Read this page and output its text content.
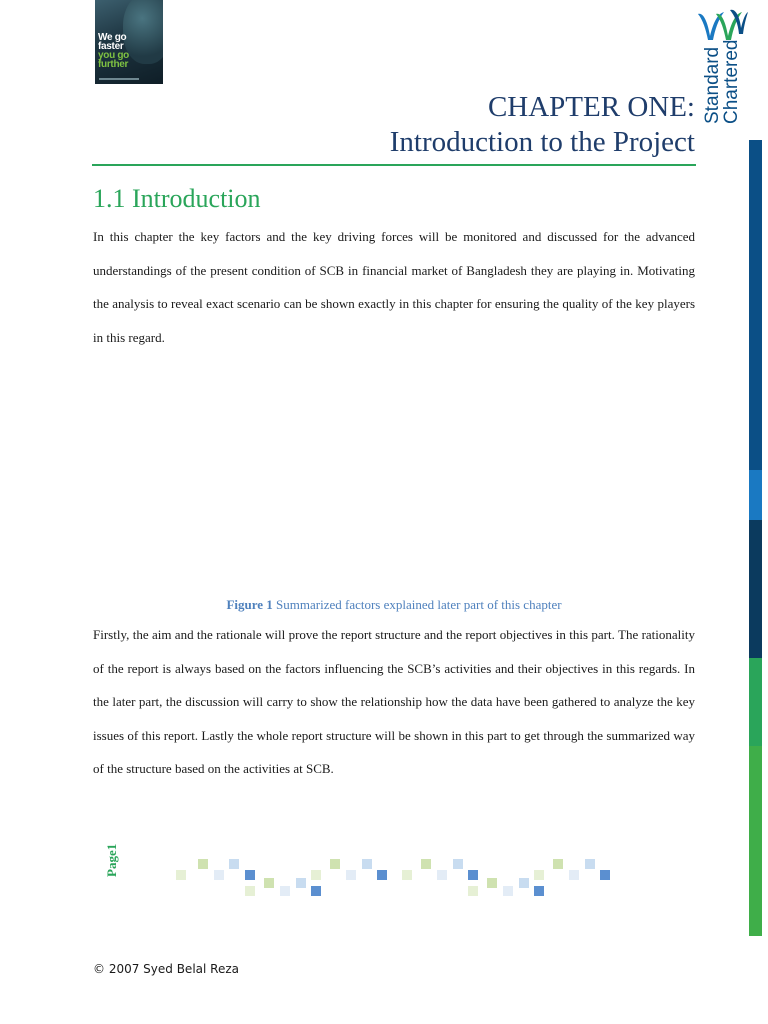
We go
faster
you go
further	Standard
Chartered
CHAPTER ONE:
Introduction to the Project
1.1 Introduction
In this chapter the key factors and the key driving forces will be monitored and discussed for the advanced understandings of the present condition of SCB in financial market of Bangladesh they are playing in. Motivating the analysis to reveal exact scenario can be shown exactly in this chapter for ensuring the quality of the key players in this regard.
Figure 1 Summarized factors explained later part of this chapter
Firstly, the aim and the rationale will prove the report structure and the report objectives in this part. The rationality of the report is always based on the factors influencing the SCB’s activities and their objectives in this regards. In the later part, the discussion will carry to show the relationship how the data have been gathered to analyze the key issues of this report. Lastly the whole report structure will be shown in this part to get through the summarized way of the structure based on the activities at SCB.
Page1
© 2007 Syed Belal Reza
